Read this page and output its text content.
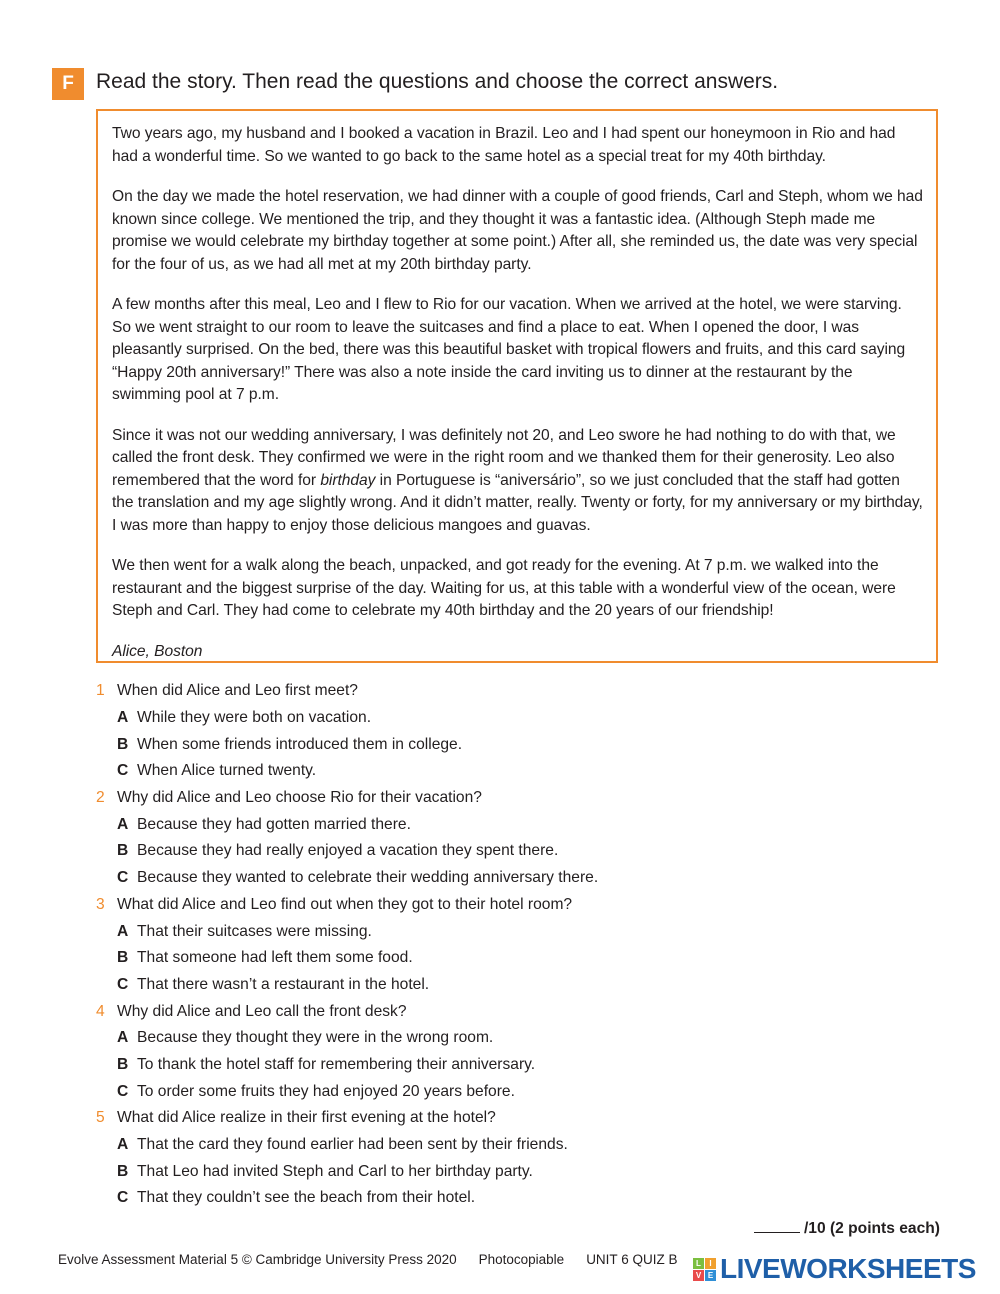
F	Read the story. Then read the questions and choose the correct answers.

Two years ago, my husband and I booked a vacation in Brazil. Leo and I had spent our honeymoon in Rio and had had a wonderful time. So we wanted to go back to the same hotel as a special treat for my 40th birthday.

On the day we made the hotel reservation, we had dinner with a couple of good friends, Carl and Steph, whom we had known since college. We mentioned the trip, and they thought it was a fantastic idea. (Although Steph made me promise we would celebrate my birthday together at some point.) After all, she reminded us, the date was very special for the four of us, as we had all met at my 20th birthday party.

A few months after this meal, Leo and I flew to Rio for our vacation. When we arrived at the hotel, we were starving. So we went straight to our room to leave the suitcases and find a place to eat. When I opened the door, I was pleasantly surprised. On the bed, there was this beautiful basket with tropical flowers and fruits, and this card saying “Happy 20th anniversary!” There was also a note inside the card inviting us to dinner at the restaurant by the swimming pool at 7 p.m.

Since it was not our wedding anniversary, I was definitely not 20, and Leo swore he had nothing to do with that, we called the front desk. They confirmed we were in the right room and we thanked them for their generosity. Leo also remembered that the word for birthday in Portuguese is “aniversário”, so we just concluded that the staff had gotten the translation and my age slightly wrong. And it didn’t matter, really. Twenty or forty, for my anniversary or my birthday, I was more than happy to enjoy those delicious mangoes and guavas.

We then went for a walk along the beach, unpacked, and got ready for the evening. At 7 p.m. we walked into the restaurant and the biggest surprise of the day. Waiting for us, at this table with a wonderful view of the ocean, were Steph and Carl. They had come to celebrate my 40th birthday and the 20 years of our friendship!

Alice, Boston

1 When did Alice and Leo first meet?
A While they were both on vacation.
B When some friends introduced them in college.
C When Alice turned twenty.
2 Why did Alice and Leo choose Rio for their vacation?
A Because they had gotten married there.
B Because they had really enjoyed a vacation they spent there.
C Because they wanted to celebrate their wedding anniversary there.
3 What did Alice and Leo find out when they got to their hotel room?
A That their suitcases were missing.
B That someone had left them some food.
C That there wasn’t a restaurant in the hotel.
4 Why did Alice and Leo call the front desk?
A Because they thought they were in the wrong room.
B To thank the hotel staff for remembering their anniversary.
C To order some fruits they had enjoyed 20 years before.
5 What did Alice realize in their first evening at the hotel?
A That the card they found earlier had been sent by their friends.
B That Leo had invited Steph and Carl to her birthday party.
C That they couldn’t see the beach from their hotel.
/10 (2 points each)
Evolve Assessment Material 5 © Cambridge University Press 2020 Photocopiable UNIT 6 QUIZ B	L	I
V E LIVEWORKSHEETS
